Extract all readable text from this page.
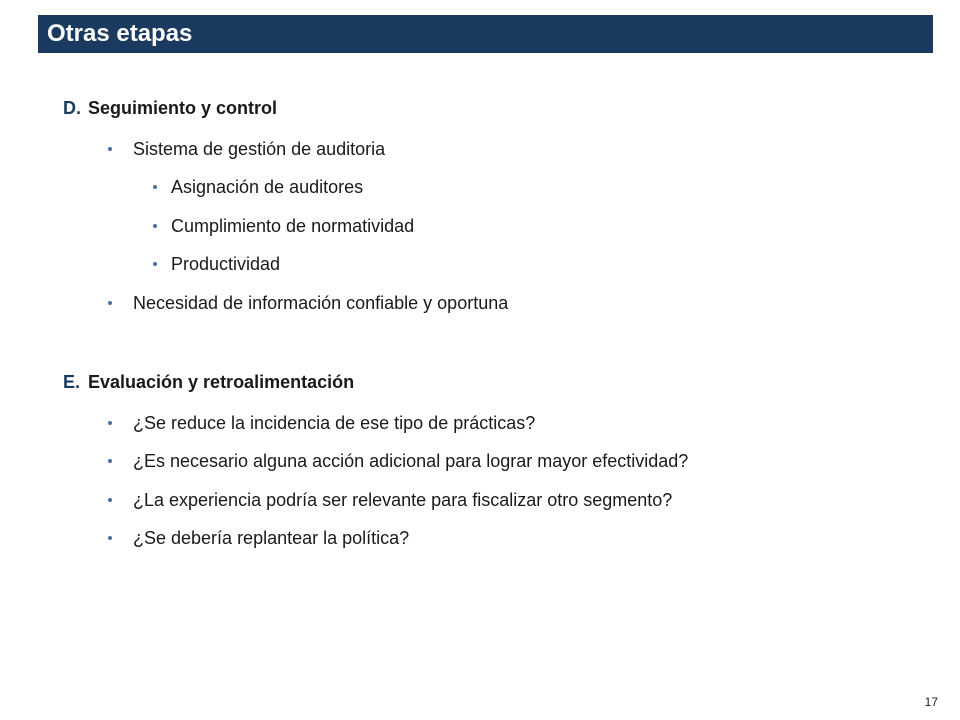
Otras etapas
D. Seguimiento y control
Sistema de gestión de auditoria
Asignación de auditores
Cumplimiento de normatividad
Productividad
Necesidad de información confiable y oportuna
E. Evaluación y retroalimentación
¿Se reduce la incidencia de ese tipo de prácticas?
¿Es necesario alguna acción adicional para lograr mayor efectividad?
¿La experiencia podría ser relevante para fiscalizar otro segmento?
¿Se debería replantear la política?
17
